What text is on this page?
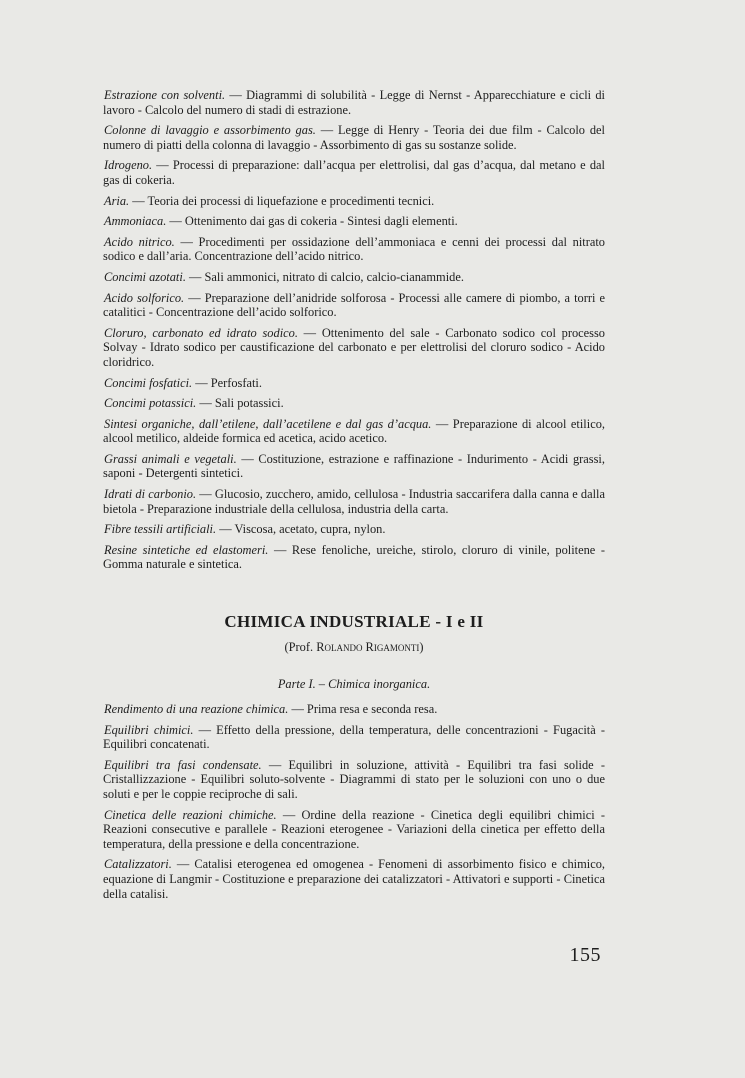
Estrazione con solventi. — Diagrammi di solubilità - Legge di Nernst - Apparecchiature e cicli di lavoro - Calcolo del numero di stadi di estrazione.

Colonne di lavaggio e assorbimento gas. — Legge di Henry - Teoria dei due film - Calcolo del numero di piatti della colonna di lavaggio - Assorbimento di gas su sostanze solide.

Idrogeno. — Processi di preparazione: dall’acqua per elettrolisi, dal gas d’acqua, dal metano e dal gas di cokeria.

Aria. — Teoria dei processi di liquefazione e procedimenti tecnici.

Ammoniaca. — Ottenimento dai gas di cokeria - Sintesi dagli elementi.

Acido nitrico. — Procedimenti per ossidazione dell’ammoniaca e cenni dei processi dal nitrato sodico e dall’aria. Concentrazione dell’acido nitrico.

Concimi azotati. — Sali ammonici, nitrato di calcio, calcio-cianammide.

Acido solforico. — Preparazione dell’anidride solforosa - Processi alle camere di piombo, a torri e catalitici - Concentrazione dell’acido solforico.

Cloruro, carbonato ed idrato sodico. — Ottenimento del sale - Carbonato sodico col processo Solvay - Idrato sodico per caustificazione del carbonato e per elettrolisi del cloruro sodico - Acido cloridrico.

Concimi fosfatici. — Perfosfati.

Concimi potassici. — Sali potassici.

Sintesi organiche, dall’etilene, dall’acetilene e dal gas d’acqua. — Preparazione di alcool etilico, alcool metilico, aldeide formica ed acetica, acido acetico.

Grassi animali e vegetali. — Costituzione, estrazione e raffinazione - Indurimento - Acidi grassi, saponi - Detergenti sintetici.

Idrati di carbonio. — Glucosio, zucchero, amido, cellulosa - Industria saccarifera dalla canna e dalla bietola - Preparazione industriale della cellulosa, industria della carta.

Fibre tessili artificiali. — Viscosa, acetato, cupra, nylon.

Resine sintetiche ed elastomeri. — Rese fenoliche, ureiche, stirolo, cloruro di vinile, politene - Gomma naturale e sintetica.

CHIMICA INDUSTRIALE - I e II
(Prof. Rolando Rigamonti)
Parte I. – Chimica inorganica.

Rendimento di una reazione chimica. — Prima resa e seconda resa.

Equilibri chimici. — Effetto della pressione, della temperatura, delle concentrazioni - Fugacità - Equilibri concatenati.

Equilibri tra fasi condensate. — Equilibri in soluzione, attività - Equilibri tra fasi solide - Cristallizzazione - Equilibri soluto-solvente - Diagrammi di stato per le soluzioni con uno o due soluti e per le coppie reciproche di sali.

Cinetica delle reazioni chimiche. — Ordine della reazione - Cinetica degli equilibri chimici - Reazioni consecutive e parallele - Reazioni eterogenee - Variazioni della cinetica per effetto della temperatura, della pressione e della concentrazione.

Catalizzatori. — Catalisi eterogenea ed omogenea - Fenomeni di assorbimento fisico e chimico, equazione di Langmir - Costituzione e preparazione dei catalizzatori - Attivatori e supporti - Cinetica della catalisi.

155
